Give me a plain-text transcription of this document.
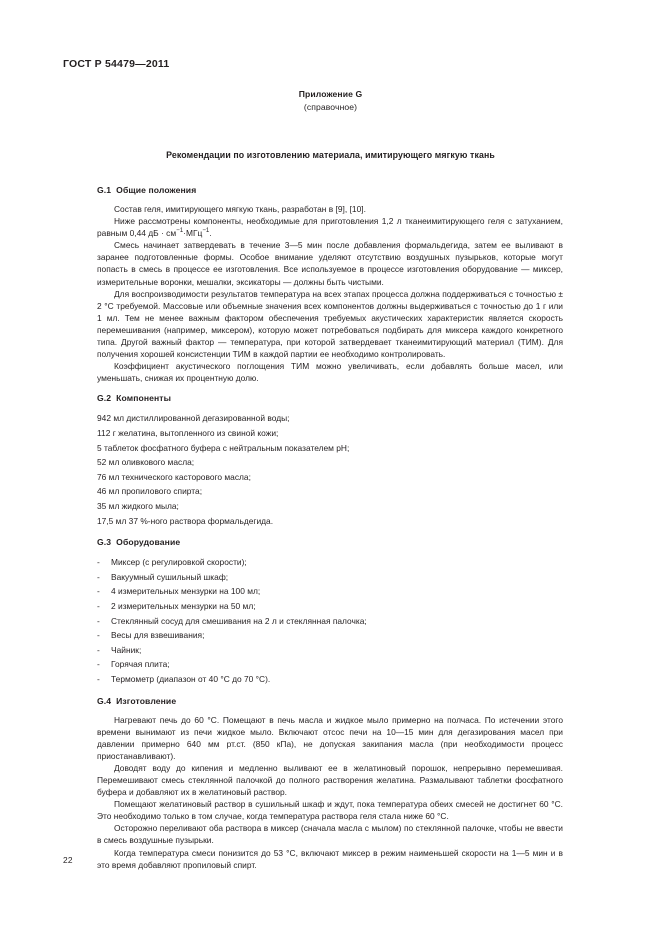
ГОСТ Р 54479—2011
Приложение G
(справочное)
Рекомендации по изготовлению материала, имитирующего мягкую ткань
G.1 Общие положения

Состав геля, имитирующего мягкую ткань, разработан в [9], [10].

Ниже рассмотрены компоненты, необходимые для приготовления 1,2 л тканеимитирующего геля с затуханием, равным 0,44 дБ · $см^{-1}\cdot МГц^{-1}$.

Смесь начинает затвердевать в течение 3—5 мин после добавления формальдегида, затем ее выливают в заранее подготовленные формы. Особое внимание уделяют отсутствию воздушных пузырьков, которые могут попасть в смесь в процессе ее изготовления. Все используемое в процессе изготовления оборудование — миксер, измерительные воронки, мешалки, эксикаторы — должны быть чистыми.

Для воспроизводимости результатов температура на всех этапах процесса должна поддерживаться с точностью ± 2 °С требуемой. Массовые или объемные значения всех компонентов должны выдерживаться с точностью до 1 г или 1 мл. Тем не менее важным фактором обеспечения требуемых акустических характеристик является скорость перемешивания (например, миксером), которую может потребоваться подбирать для миксера каждого конкретного типа. Другой важный фактор — температура, при которой затвердевает тканеимитирующий материал (ТИМ). Для получения хорошей консистенции ТИМ в каждой партии ее необходимо контролировать.

Коэффициент акустического поглощения ТИМ можно увеличивать, если добавлять больше масел, или уменьшать, снижая их процентную долю.

G.2 Компоненты
942 мл дистиллированной дегазированной воды;
112 г желатина, вытопленного из свиной кожи;
5 таблеток фосфатного буфера с нейтральным показателем pH;
52 мл оливкового масла;
76 мл технического касторового масла;
46 мл пропилового спирта;
35 мл жидкого мыла;
17,5 мл 37 %-ного раствора формальдегида.
G.3 Оборудование
- Миксер (с регулировкой скорости);
- Вакуумный сушильный шкаф;
- 4 измерительных мензурки на 100 мл;
- 2 измерительных мензурки на 50 мл;
- Стеклянный сосуд для смешивания на 2 л и стеклянная палочка;
- Весы для взвешивания;
- Чайник;
- Горячая плита;
- Термометр (диапазон от 40 °С до 70 °С).
G.4 Изготовление

Нагревают печь до 60 °С. Помещают в печь масла и жидкое мыло примерно на полчаса. По истечении этого времени вынимают из печи жидкое мыло. Включают отсос печи на 10—15 мин для дегазирования масел при давлении примерно 640 мм рт.ст. (850 кПа), не допуская закипания масла (при необходимости процесс приостанавливают).

Доводят воду до кипения и медленно выливают ее в желатиновый порошок, непрерывно перемешивая. Перемешивают смесь стеклянной палочкой до полного растворения желатина. Размалывают таблетки фосфатного буфера и добавляют их в желатиновый раствор.

Помещают желатиновый раствор в сушильный шкаф и ждут, пока температура обеих смесей не достигнет 60 °С. Это необходимо только в том случае, когда температура раствора геля стала ниже 60 °С.

Осторожно переливают оба раствора в миксер (сначала масла с мылом) по стеклянной палочке, чтобы не ввести в смесь воздушные пузырьки.

Когда температура смеси понизится до 53 °С, включают миксер в режим наименьшей скорости на 1—5 мин и в это время добавляют пропиловый спирт.

22
